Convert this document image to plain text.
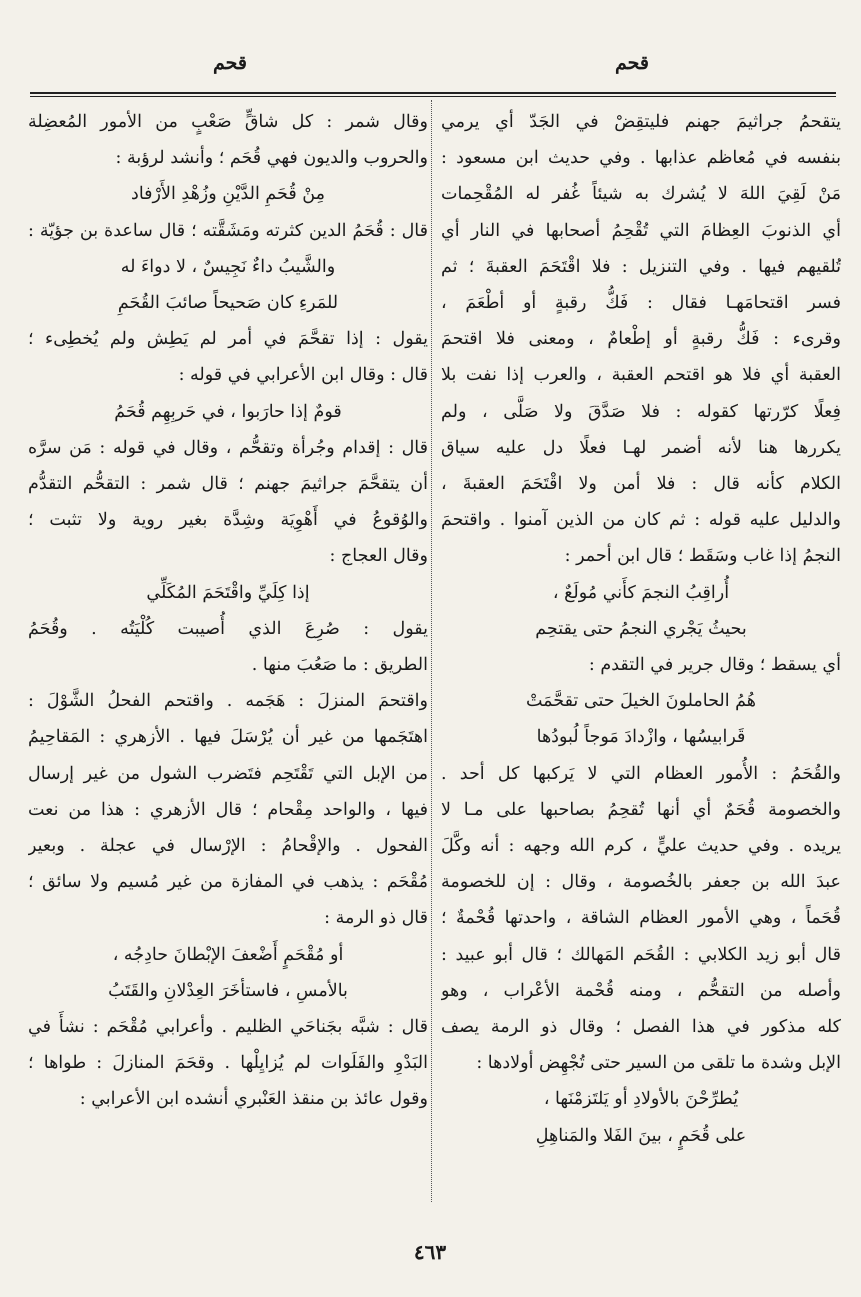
قحم
قحم
يتقحمُ جراثيمَ جهنم فليتقِضْ في الجَدّ أي يرمي
بنفسه في مُعاظم عذابها . وفي حديث ابن مسعود :
مَنْ لَقِيَ اللهَ لا يُشرك به شيئاً غُفر له المُقْحِمات
أي الذنوبَ العِظامَ التي تُقْحِمُ أصحابها في النار أي
تُلقيهم فيها . وفي التنزيل : فلا اقْتَحَمَ العقبةَ ؛ ثم
فسر اقتحامَهـا فقال : فَكُّ رقبةٍ أو أطْعَمَ ،
وقرىء : فَكُّ رقبةٍ أو إطْعامٌ ، ومعنى فلا اقتحمَ
العقبة أي فلا هو اقتحم العقبة ، والعرب إذا نفت بلا
فِعلًا كرّرتها كقوله : فلا صَدَّقَ ولا صَلَّى ، ولم
يكررها هنا لأنه أضمر لهـا فعلًا دل عليه سياق
الكلام كأنه قال : فلا أمن ولا اقْتَحَمَ العقبةَ ،
والدليل عليه قوله : ثم كان من الذين آمنوا . واقتحمَ
النجمُ إذا غاب وسَقَط ؛ قال ابن أحمر :
أُراقِبُ النجمَ كأَني مُولَعٌ ،
بحيثُ يَجْري النجمُ حتى يقتحِم
أي يسقط ؛ وقال جرير في التقدم :
هُمُ الحاملونَ الخيلَ حتى تقحَّمَتْ
قَرابيسُها ، وازْدادَ مَوجاً لُبودُها
والقُحَمُ : الأُمور العظام التي لا يَركبها كل أحد .
والخصومة قُحَمٌ أي أنها تُقحِمُ بصاحبها على مـا لا
يريده . وفي حديث عليٍّ ، كرم الله وجهه : أنه وكَّلَ
عبدَ الله بن جعفر بالخُصومة ، وقال : إن للخصومة
قُحَماً ، وهي الأمور العظام الشاقة ، واحدتها قُحْمةٌ ؛
قال أبو زيد الكلابي : القُحَم المَهالك ؛ قال أبو عبيد :
وأصله من التقحُّم ، ومنه قُحْمة الأعْراب ، وهو
كله مذكور في هذا الفصل ؛ وقال ذو الرمة يصف
الإبل وشدة ما تلقى من السير حتى تُجْهِض أولادها :
يُطرِّحْنَ بالأولادِ أو يَلتَزمْنَها ،
على قُحَمٍ ، بينَ الفَلا والمَناهِلِ
وقال شمر : كل شاقٍّ صَعْبٍ من الأمور المُعضِلة
والحروب والديون فهي قُحَم ؛ وأنشد لرؤبة :
مِنْ قُحَمِ الدَّيْنِ وزُهْدِ الأَرْفاد
قال : قُحَمُ الدين كثرته ومَشَقَّته ؛ قال ساعدة بن جؤيّة :
والشَّيبُ داءٌ نَجِيسٌ ، لا دواءَ له
للمَرءِ كان صَحيحاً صائبَ القُحَمِ
يقول : إذا تقحَّمَ في أمر لم يَطِش ولم يُخطِىء ؛
قال : وقال ابن الأعرابي في قوله :
قومٌ إذا حارَبوا ، في حَربِهِم قُحَمُ
قال : إقدام وجُرأة وتقحُّم ، وقال في قوله : مَن سرَّه
أن يتقحَّمَ جراثيمَ جهنم ؛ قال شمر : التقحُّم التقدُّم
والوُقوعُ في أَهْوِيَة وشِدَّة بغير روية ولا تثبت ؛
وقال العجاج :
إذا كِلَيِّ واقْتَحَمَ المُكَلِّي
يقول : صُرِعَ الذي أُصيبت كُلْيَتُه . وقُحَمُ
الطريق : ما صَعُبَ منها .
واقتحمَ المنزلَ : هَجَمه . واقتحم الفحلُ الشَّوْلَ :
اهتَجَمها من غير أن يُرْسَلَ فيها . الأزهري : المَقاحِيمُ
من الإبل التي تَقْتَحِم فتَضرب الشول من غير إرسال
فيها ، والواحد مِقْحام ؛ قال الأزهري : هذا من نعت
الفحول . والإقْحامُ : الإرْسال في عجلة . وبعير
مُقْحَم : يذهب في المفازة من غير مُسيم ولا سائق ؛
قال ذو الرمة :
أو مُقْحَمٍ أَضْعفَ الإبْطانَ حادِجُه ،
بالأمسِ ، فاستأخَرَ العِدْلانِ والقَتَبُ
قال : شبَّه بجَناحَي الظليم . وأعرابي مُقْحَم : نشأَ في
البَدْوِ والفَلَوات لم يُزايِلْها . وقحَمَ المنازلَ : طواها ؛
وقول عائذ بن منقذ العَنْبري أنشده ابن الأعرابي :
٤٦٣
